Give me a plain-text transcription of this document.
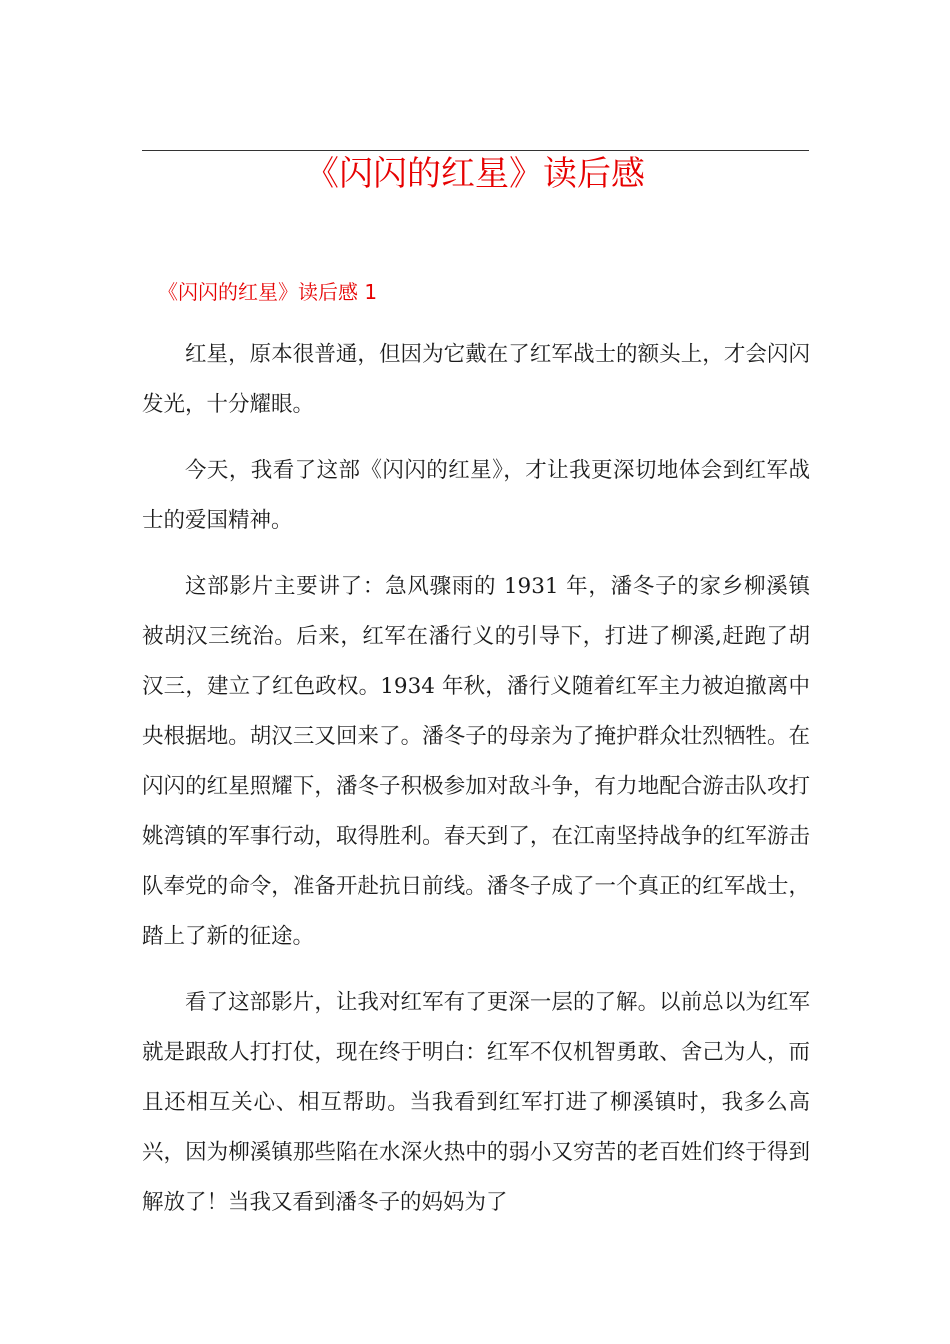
《闪闪的红星》读后感
《闪闪的红星》读后感 1

红星，原本很普通，但因为它戴在了红军战士的额头上，才会闪闪发光，十分耀眼。

今天，我看了这部《闪闪的红星》，才让我更深切地体会到红军战士的爱国精神。

这部影片主要讲了：急风骤雨的 1931 年，潘冬子的家乡柳溪镇被胡汉三统治。后来，红军在潘行义的引导下，打进了柳溪,赶跑了胡汉三，建立了红色政权。1934 年秋，潘行义随着红军主力被迫撤离中央根据地。胡汉三又回来了。潘冬子的母亲为了掩护群众壮烈牺牲。在闪闪的红星照耀下，潘冬子积极参加对敌斗争，有力地配合游击队攻打姚湾镇的军事行动，取得胜利。春天到了，在江南坚持战争的红军游击队奉党的命令，准备开赴抗日前线。潘冬子成了一个真正的红军战士，踏上了新的征途。

看了这部影片，让我对红军有了更深一层的了解。以前总以为红军就是跟敌人打打仗，现在终于明白：红军不仅机智勇敢、舍己为人，而且还相互关心、相互帮助。当我看到红军打进了柳溪镇时，我多么高兴，因为柳溪镇那些陷在水深火热中的弱小又穷苦的老百姓们终于得到解放了！当我又看到潘冬子的妈妈为了
